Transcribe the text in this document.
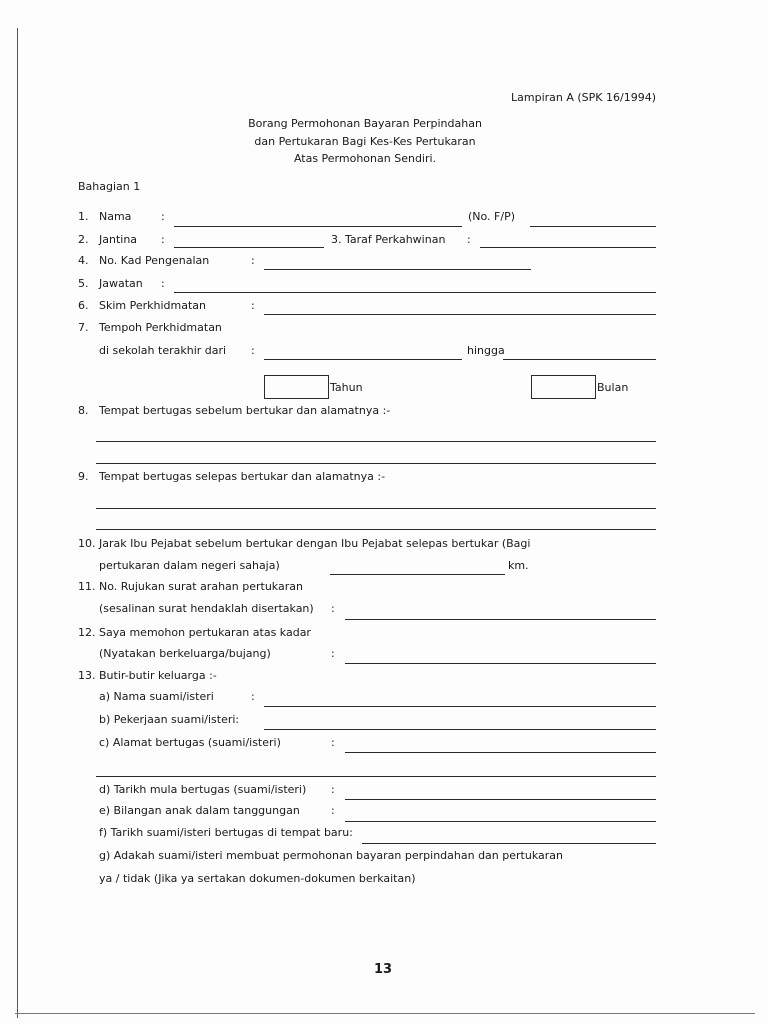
Lampiran A (SPK 16/1994)
Borang Permohonan Bayaran Perpindahan
dan Pertukaran Bagi Kes-Kes Pertukaran
Atas Permohonan Sendiri.
Bahagian 1
1. Nama	:	(No. F/P)
2. Jantina :	3. Taraf Perkahwinan :
4. No. Kad Pengenalan	:
5. Jawatan :
6. Skim Perkhidmatan	:
7. Tempoh Perkhidmatan
di sekolah terakhir dari :	hingga
Tahun	Bulan
8. Tempat bertugas sebelum bertukar dan alamatnya :-
9. Tempat bertugas selepas bertukar dan alamatnya :-
10. Jarak Ibu Pejabat sebelum bertukar dengan Ibu Pejabat selepas bertukar (Bagi
pertukaran dalam negeri sahaja)	km.
11. No. Rujukan surat arahan pertukaran
(sesalinan surat hendaklah disertakan) :
12. Saya memohon pertukaran atas kadar
(Nyatakan berkeluarga/bujang)	:
13. Butir-butir keluarga :-
a) Nama suami/isteri	:
b) Pekerjaan suami/isteri:
c) Alamat bertugas (suami/isteri)	:
d) Tarikh mula bertugas (suami/isteri) :
e) Bilangan anak dalam tanggungan	:
f) Tarikh suami/isteri bertugas di tempat baru:
g) Adakah suami/isteri membuat permohonan bayaran perpindahan dan pertukaran
ya / tidak (Jika ya sertakan dokumen-dokumen berkaitan)
13
